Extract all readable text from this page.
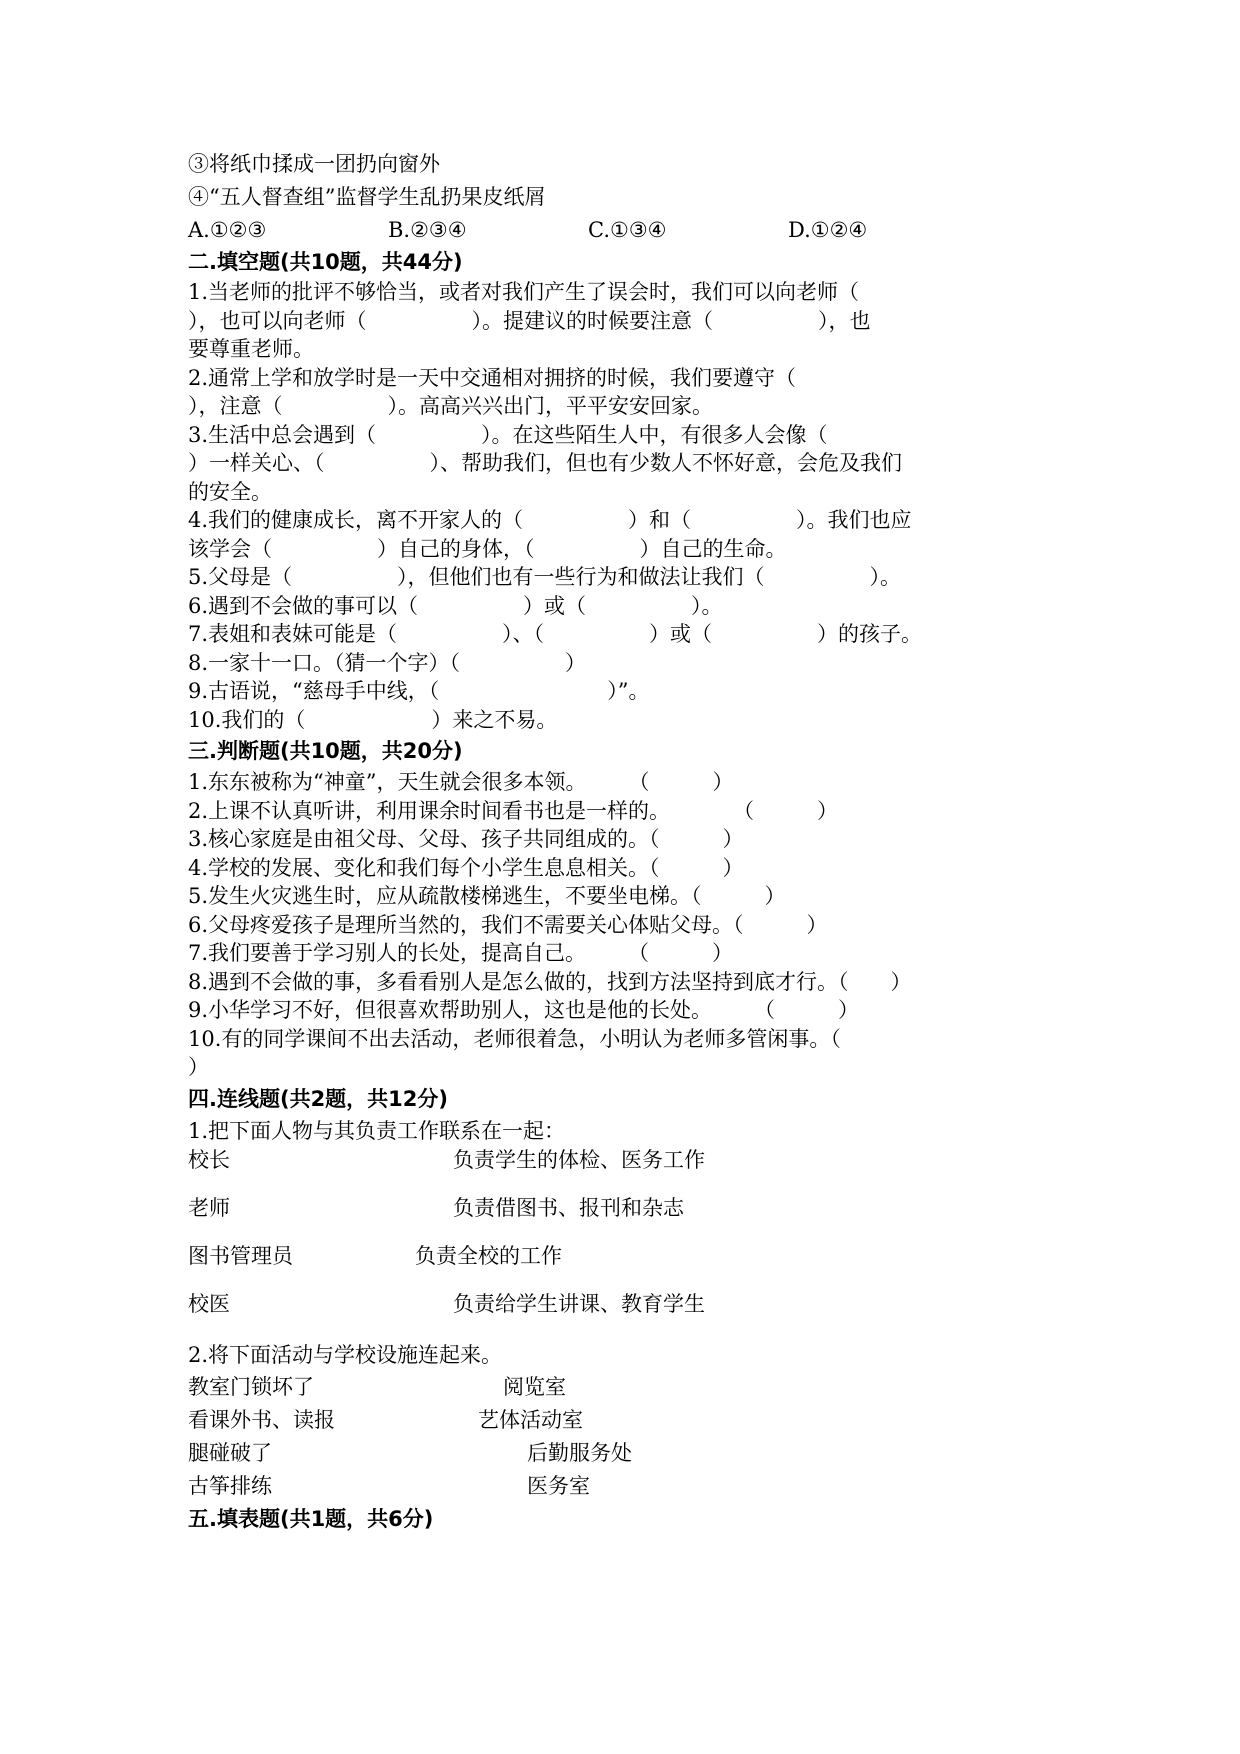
③将纸巾揉成一团扔向窗外

④“五人督查组”监督学生乱扔果皮纸屑

A.①②③	B.②③④	C.①③④	D.①②④

二.填空题(共10题，共44分)

1.当老师的批评不够恰当，或者对我们产生了误会时，我们可以向老师（

），也可以向老师（　　　　　）。提建议的时候要注意（　　　　　），也

要尊重老师。

2.通常上学和放学时是一天中交通相对拥挤的时候，我们要遵守（

），注意（　　　　　）。高高兴兴出门，平平安安回家。

3.生活中总会遇到（　　　　　）。在这些陌生人中，有很多人会像（

）一样关心、（　　　　　）、帮助我们，但也有少数人不怀好意，会危及我们

的安全。

4.我们的健康成长，离不开家人的（　　　　　）和（　　　　　）。我们也应

该学会（　　　　　）自己的身体，（　　　　　）自己的生命。

5.父母是（　　　　　），但他们也有一些行为和做法让我们（　　　　　）。

6.遇到不会做的事可以（　　　　　）或（　　　　　）。

7.表姐和表妹可能是（　　　　　）、（　　　　　）或（　　　　　）的孩子。

8.一家十一口。（猜一个字）（　　　　　）

9.古语说，“慈母手中线，（　　　　　　　　）”。

10.我们的（　　　　　　）来之不易。

三.判断题(共10题，共20分)

1.东东被称为“神童”，天生就会很多本领。　　　（　　　）

2.上课不认真听讲，利用课余时间看书也是一样的。　　　　（　　　）

3.核心家庭是由祖父母、父母、孩子共同组成的。（　　　）

4.学校的发展、变化和我们每个小学生息息相关。（　　　）

5.发生火灾逃生时，应从疏散楼梯逃生，不要坐电梯。（　　　）

6.父母疼爱孩子是理所当然的，我们不需要关心体贴父母。（　　　）

7.我们要善于学习别人的长处，提高自己。　　　（　　　）

8.遇到不会做的事，多看看别人是怎么做的，找到方法坚持到底才行。（　　）

9.小华学习不好，但很喜欢帮助别人，这也是他的长处。　　　（　　　）

10.有的同学课间不出去活动，老师很着急，小明认为老师多管闲事。（

）

四.连线题(共2题，共12分)

1.把下面人物与其负责工作联系在一起：

校长	负责学生的体检、医务工作
老师	负责借图书、报刊和杂志
图书管理员	负责全校的工作
校医	负责给学生讲课、教育学生

2.将下面活动与学校设施连起来。

教室门锁坏了	阅览室
看课外书、读报	艺体活动室
腿碰破了	后勤服务处
古筝排练	医务室

五.填表题(共1题，共6分)
